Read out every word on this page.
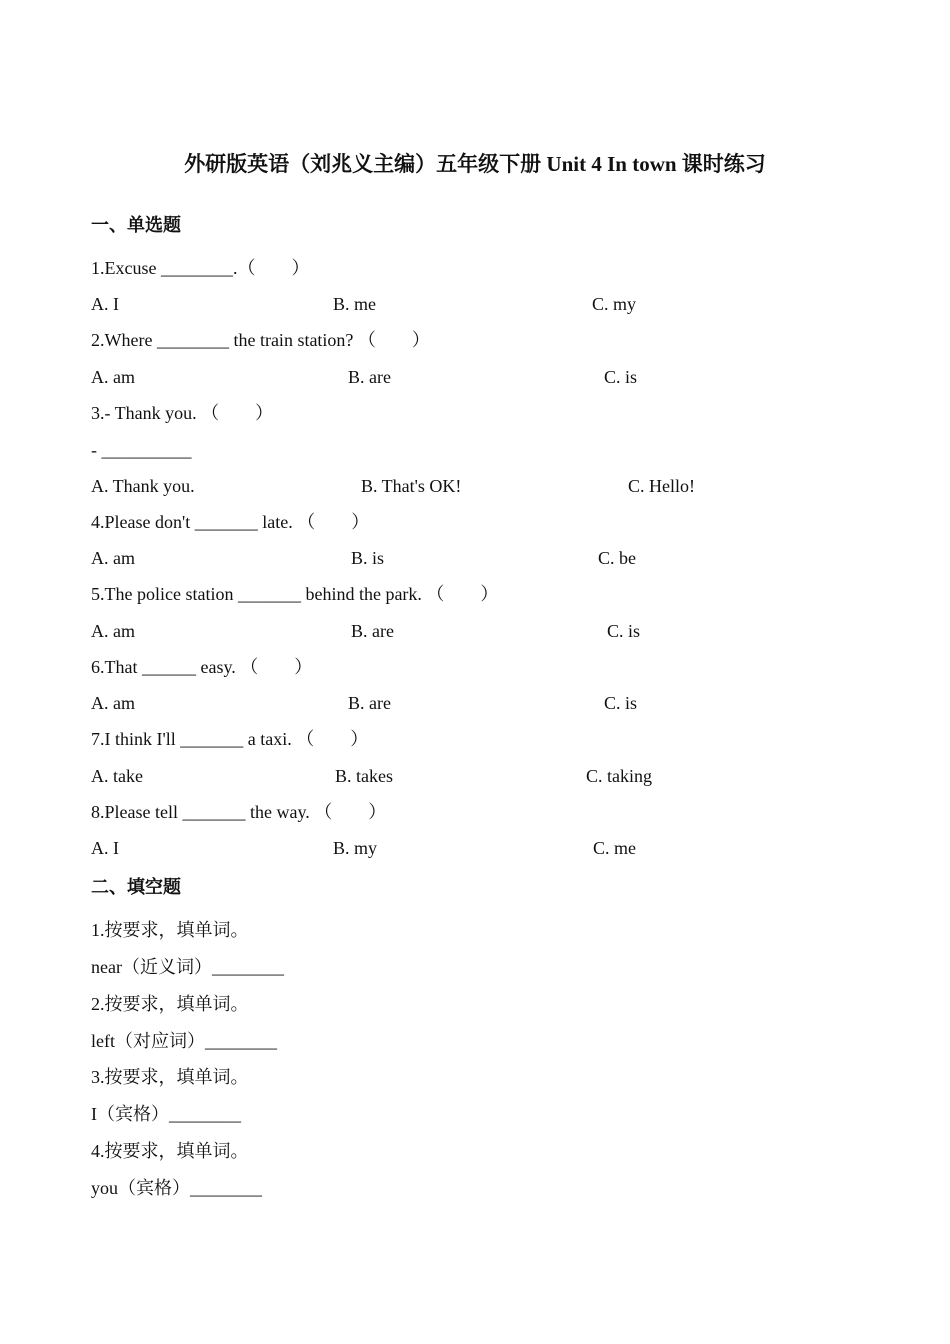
外研版英语（刘兆义主编）五年级下册 Unit 4 In town 课时练习
一、单选题
1.Excuse ________.（　　）
A. I	B. me	C. my
2.Where ________ the train station? （　　）
A. am	B. are	C. is
3.- Thank you. （　　）
- __________
A. Thank you.	B. That's OK!	C. Hello!
4.Please don't _______ late. （　　）
A. am	B. is	C. be
5.The police station _______ behind the park. （　　）
A. am	B. are	C. is
6.That ______ easy. （　　）
A. am	B. are	C. is
7.I think I'll _______ a taxi. （　　）
A. take	B. takes	C. taking
8.Please tell _______ the way. （　　）
A. I	B. my	C. me
二、填空题
1.按要求，填单词。
near（近义词）________
2.按要求，填单词。
left（对应词）________
3.按要求，填单词。
I（宾格）________
4.按要求，填单词。
you（宾格）________
